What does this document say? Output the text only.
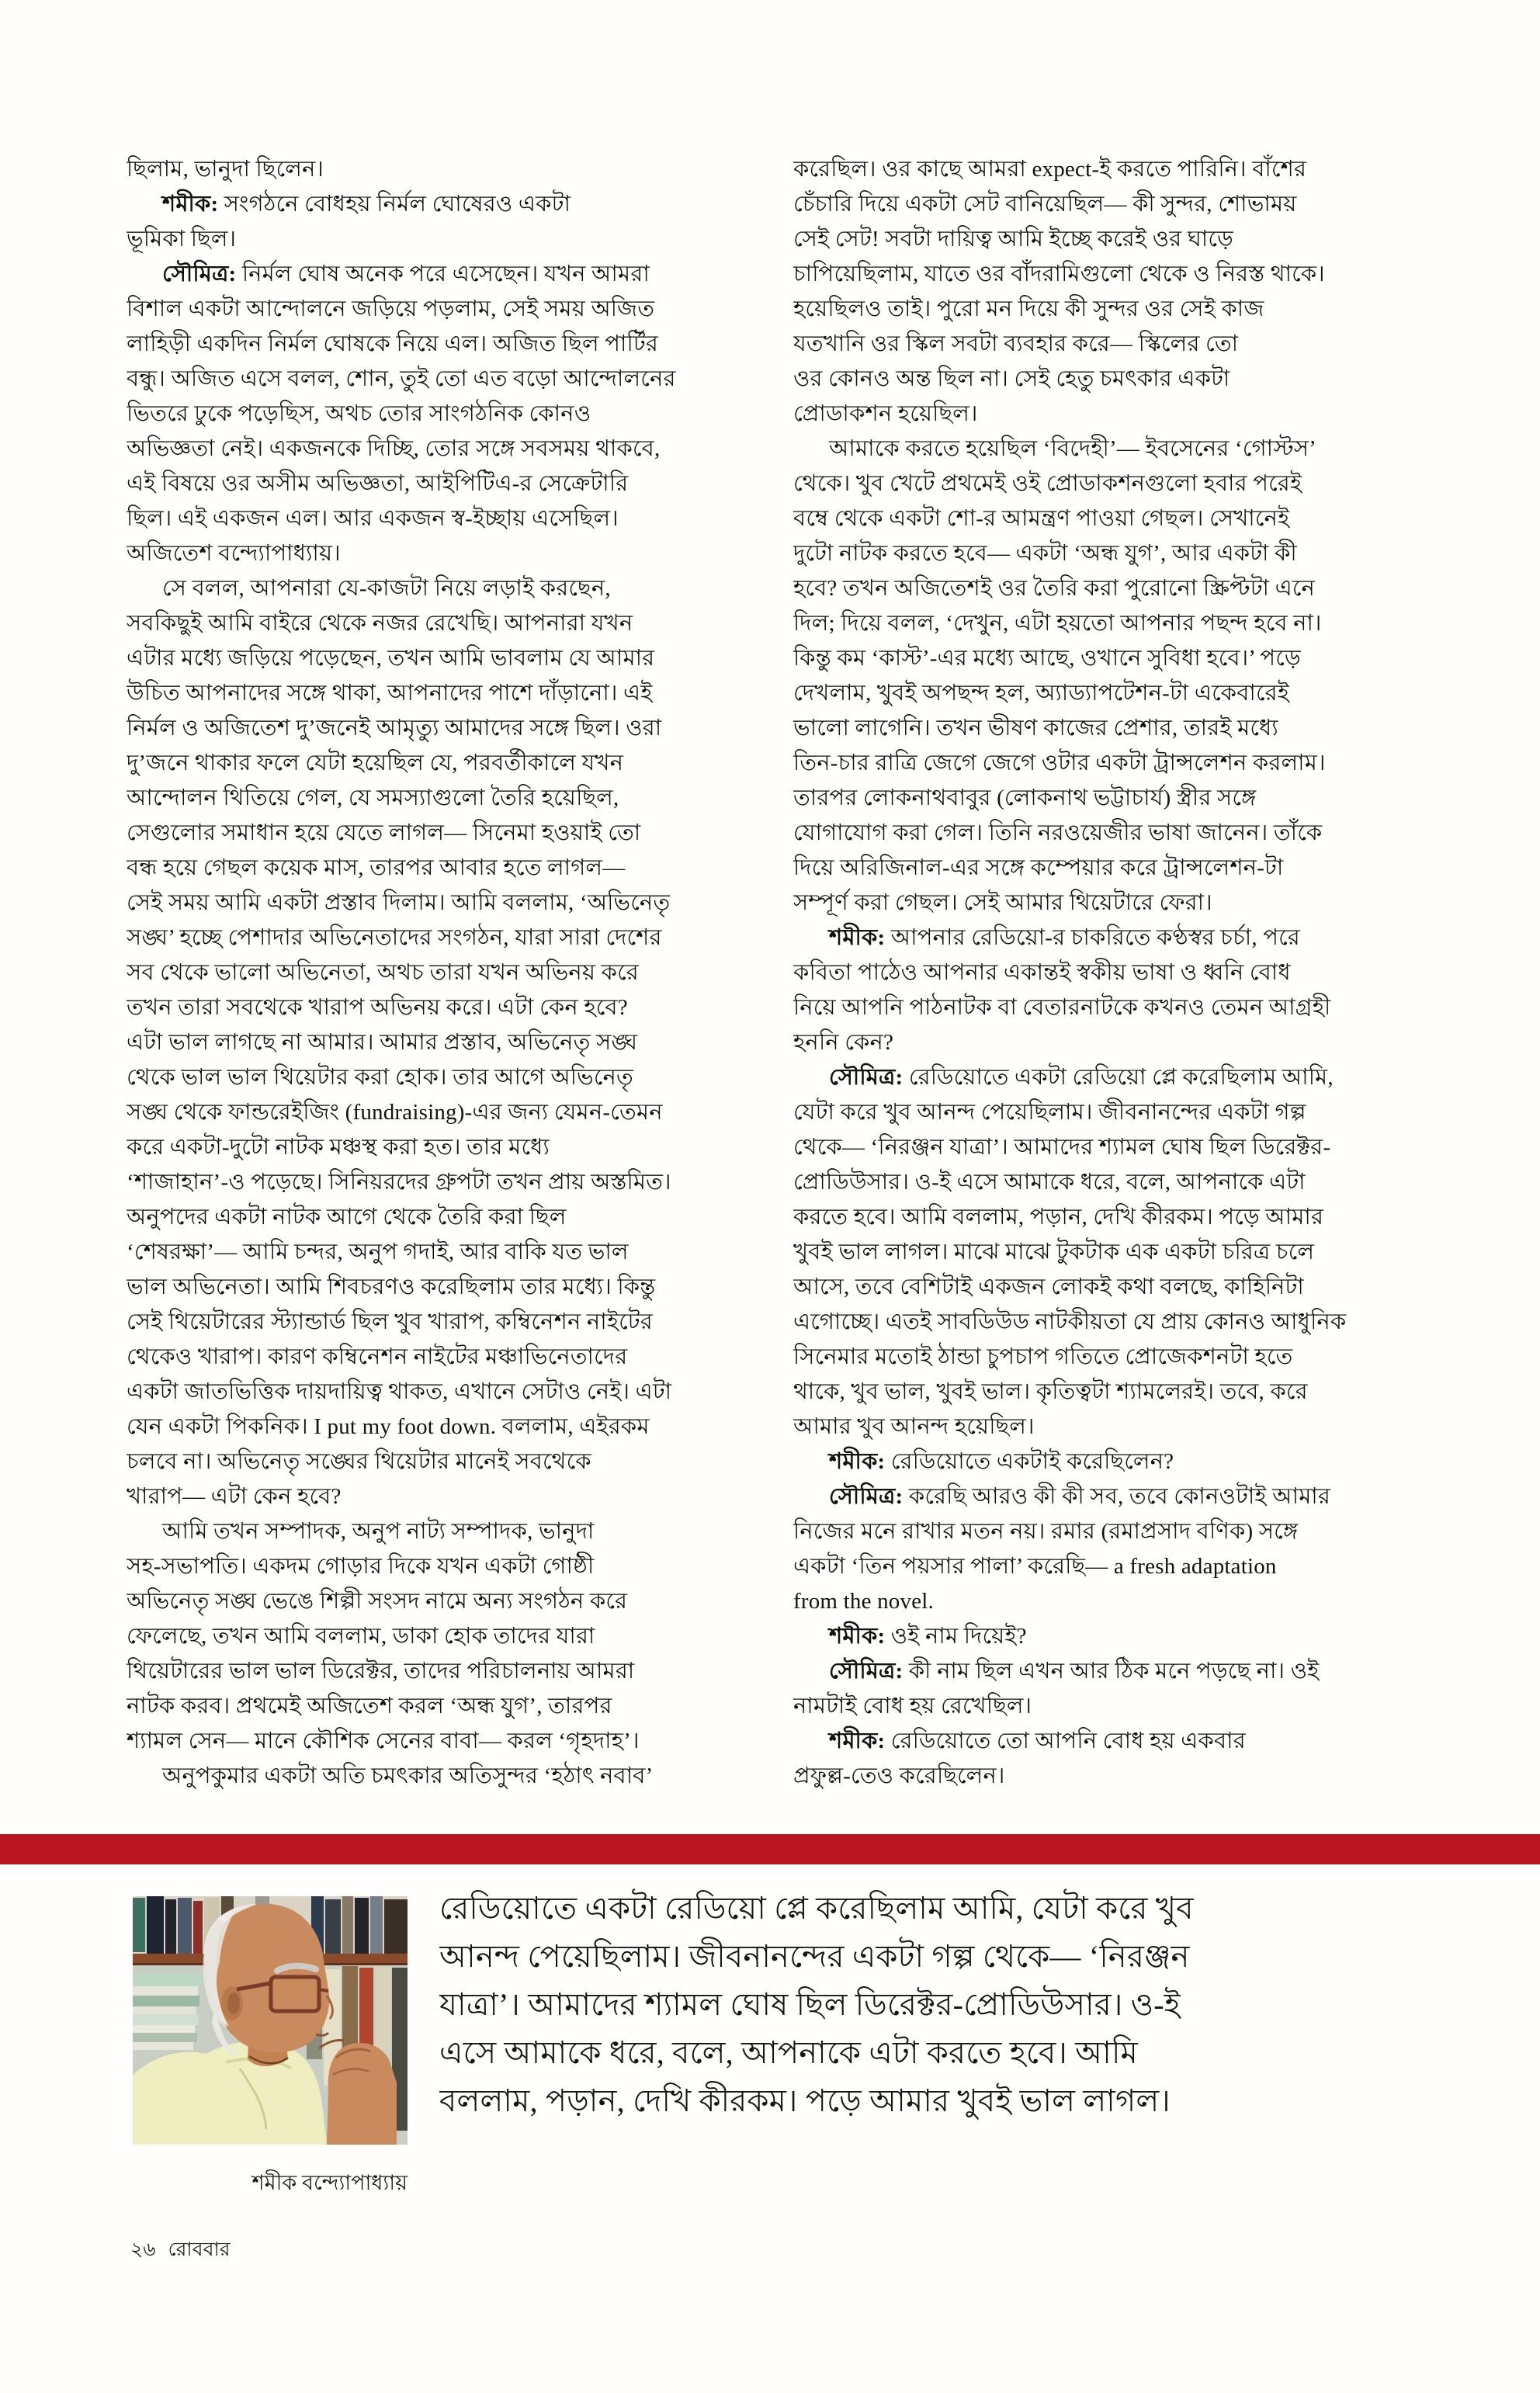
ছিলাম, ভানুদা ছিলেন।
শমীক: সংগঠনে বোধহয় নির্মল ঘোষেরও একটা
ভূমিকা ছিল।
সৌমিত্র: নির্মল ঘোষ অনেক পরে এসেছেন। যখন আমরা
বিশাল একটা আন্দোলনে জড়িয়ে পড়লাম, সেই সময় অজিত
লাহিড়ী একদিন নির্মল ঘোষকে নিয়ে এল। অজিত ছিল পার্টির
বন্ধু। অজিত এসে বলল, শোন, তুই তো এত বড়ো আন্দোলনের
ভিতরে ঢুকে পড়েছিস, অথচ তোর সাংগঠনিক কোনও
অভিজ্ঞতা নেই। একজনকে দিচ্ছি, তোর সঙ্গে সবসময় থাকবে,
এই বিষয়ে ওর অসীম অভিজ্ঞতা, আইপিটিএ-র সেক্রেটারি
ছিল। এই একজন এল। আর একজন স্ব-ইচ্ছায় এসেছিল।
অজিতেশ বন্দ্যোপাধ্যায়।
সে বলল, আপনারা যে-কাজটা নিয়ে লড়াই করছেন,
সবকিছুই আমি বাইরে থেকে নজর রেখেছি। আপনারা যখন
এটার মধ্যে জড়িয়ে পড়েছেন, তখন আমি ভাবলাম যে আমার
উচিত আপনাদের সঙ্গে থাকা, আপনাদের পাশে দাঁড়ানো। এই
নির্মল ও অজিতেশ দু’জনেই আমৃত্যু আমাদের সঙ্গে ছিল। ওরা
দু’জনে থাকার ফলে যেটা হয়েছিল যে, পরবর্তীকালে যখন
আন্দোলন থিতিয়ে গেল, যে সমস্যাগুলো তৈরি হয়েছিল,
সেগুলোর সমাধান হয়ে যেতে লাগল— সিনেমা হওয়াই তো
বন্ধ হয়ে গেছল কয়েক মাস, তারপর আবার হতে লাগল—
সেই সময় আমি একটা প্রস্তাব দিলাম। আমি বললাম, ‘অভিনেতৃ
সঙ্ঘ’ হচ্ছে পেশাদার অভিনেতাদের সংগঠন, যারা সারা দেশের
সব থেকে ভালো অভিনেতা, অথচ তারা যখন অভিনয় করে
তখন তারা সবথেকে খারাপ অভিনয় করে। এটা কেন হবে?
এটা ভাল লাগছে না আমার। আমার প্রস্তাব, অভিনেতৃ সঙ্ঘ
থেকে ভাল ভাল থিয়েটার করা হোক। তার আগে অভিনেতৃ
সঙ্ঘ থেকে ফান্ডরেইজিং (fundraising)-এর জন্য যেমন-তেমন
করে একটা-দুটো নাটক মঞ্চস্থ করা হত। তার মধ্যে
‘শাজাহান’-ও পড়েছে। সিনিয়রদের গ্রুপটা তখন প্রায় অস্তমিত।
অনুপদের একটা নাটক আগে থেকে তৈরি করা ছিল
‘শেষরক্ষা’— আমি চন্দর, অনুপ গদাই, আর বাকি যত ভাল
ভাল অভিনেতা। আমি শিবচরণও করেছিলাম তার মধ্যে। কিন্তু
সেই থিয়েটারের স্ট্যান্ডার্ড ছিল খুব খারাপ, কম্বিনেশন নাইটের
থেকেও খারাপ। কারণ কম্বিনেশন নাইটের মঞ্চাভিনেতাদের
একটা জাতভিত্তিক দায়দায়িত্ব থাকত, এখানে সেটাও নেই। এটা
যেন একটা পিকনিক। I put my foot down. বললাম, এইরকম
চলবে না। অভিনেতৃ সঙ্ঘের থিয়েটার মানেই সবথেকে
খারাপ— এটা কেন হবে?
আমি তখন সম্পাদক, অনুপ নাট্য সম্পাদক, ভানুদা
সহ-সভাপতি। একদম গোড়ার দিকে যখন একটা গোষ্ঠী
অভিনেতৃ সঙ্ঘ ভেঙে শিল্পী সংসদ নামে অন্য সংগঠন করে
ফেলেছে, তখন আমি বললাম, ডাকা হোক তাদের যারা
থিয়েটারের ভাল ভাল ডিরেক্টর, তাদের পরিচালনায় আমরা
নাটক করব। প্রথমেই অজিতেশ করল ‘অন্ধ যুগ’, তারপর
শ্যামল সেন— মানে কৌশিক সেনের বাবা— করল ‘গৃহদাহ’।
অনুপকুমার একটা অতি চমৎকার অতিসুন্দর ‘হঠাৎ নবাব’
করেছিল। ওর কাছে আমরা expect-ই করতে পারিনি। বাঁশের
চেঁচারি দিয়ে একটা সেট বানিয়েছিল— কী সুন্দর, শোভাময়
সেই সেট! সবটা দায়িত্ব আমি ইচ্ছে করেই ওর ঘাড়ে
চাপিয়েছিলাম, যাতে ওর বাঁদরামিগুলো থেকে ও নিরস্ত থাকে।
হয়েছিলও তাই। পুরো মন দিয়ে কী সুন্দর ওর সেই কাজ
যতখানি ওর স্কিল সবটা ব্যবহার করে— স্কিলের তো
ওর কোনও অন্ত ছিল না। সেই হেতু চমৎকার একটা
প্রোডাকশন হয়েছিল।
আমাকে করতে হয়েছিল ‘বিদেহী’— ইবসেনের ‘গোস্টস’
থেকে। খুব খেটে প্রথমেই ওই প্রোডাকশনগুলো হবার পরেই
বম্বে থেকে একটা শো-র আমন্ত্রণ পাওয়া গেছল। সেখানেই
দুটো নাটক করতে হবে— একটা ‘অন্ধ যুগ’, আর একটা কী
হবে? তখন অজিতেশই ওর তৈরি করা পুরোনো স্ক্রিপ্টটা এনে
দিল; দিয়ে বলল, ‘দেখুন, এটা হয়তো আপনার পছন্দ হবে না।
কিন্তু কম ‘কাস্ট’-এর মধ্যে আছে, ওখানে সুবিধা হবে।’ পড়ে
দেখলাম, খুবই অপছন্দ হল, অ্যাড্যাপটেশন-টা একেবারেই
ভালো লাগেনি। তখন ভীষণ কাজের প্রেশার, তারই মধ্যে
তিন-চার রাত্রি জেগে জেগে ওটার একটা ট্রান্সলেশন করলাম।
তারপর লোকনাথবাবুর (লোকনাথ ভট্টাচার্য) স্ত্রীর সঙ্গে
যোগাযোগ করা গেল। তিনি নরওয়েজীর ভাষা জানেন। তাঁকে
দিয়ে অরিজিনাল-এর সঙ্গে কম্পেয়ার করে ট্রান্সলেশন-টা
সম্পূর্ণ করা গেছল। সেই আমার থিয়েটারে ফেরা।
শমীক: আপনার রেডিয়ো-র চাকরিতে কণ্ঠস্বর চর্চা, পরে
কবিতা পাঠেও আপনার একান্তই স্বকীয় ভাষা ও ধ্বনি বোধ
নিয়ে আপনি পাঠনাটক বা বেতারনাটকে কখনও তেমন আগ্রহী
হননি কেন?
সৌমিত্র: রেডিয়োতে একটা রেডিয়ো প্লে করেছিলাম আমি,
যেটা করে খুব আনন্দ পেয়েছিলাম। জীবনানন্দের একটা গল্প
থেকে— ‘নিরঞ্জন যাত্রা’। আমাদের শ্যামল ঘোষ ছিল ডিরেক্টর-
প্রোডিউসার। ও-ই এসে আমাকে ধরে, বলে, আপনাকে এটা
করতে হবে। আমি বললাম, পড়ান, দেখি কীরকম। পড়ে আমার
খুবই ভাল লাগল। মাঝে মাঝে টুকটাক এক একটা চরিত্র চলে
আসে, তবে বেশিটাই একজন লোকই কথা বলছে, কাহিনিটা
এগোচ্ছে। এতই সাবডিউড নাটকীয়তা যে প্রায় কোনও আধুনিক
সিনেমার মতোই ঠান্ডা চুপচাপ গতিতে প্রোজেকশনটা হতে
থাকে, খুব ভাল, খুবই ভাল। কৃতিত্বটা শ্যামলেরই। তবে, করে
আমার খুব আনন্দ হয়েছিল।
শমীক: রেডিয়োতে একটাই করেছিলেন?
সৌমিত্র: করেছি আরও কী কী সব, তবে কোনওটাই আমার
নিজের মনে রাখার মতন নয়। রমার (রমাপ্রসাদ বণিক) সঙ্গে
একটা ‘তিন পয়সার পালা’ করেছি— a fresh adaptation
from the novel.
শমীক: ওই নাম দিয়েই?
সৌমিত্র: কী নাম ছিল এখন আর ঠিক মনে পড়ছে না। ওই
নামটাই বোধ হয় রেখেছিল।
শমীক: রেডিয়োতে তো আপনি বোধ হয় একবার
প্রফুল্ল-তেও করেছিলেন।
রেডিয়োতে একটা রেডিয়ো প্লে করেছিলাম আমি, যেটা করে খুব
আনন্দ পেয়েছিলাম। জীবনানন্দের একটা গল্প থেকে— ‘নিরঞ্জন
যাত্রা’। আমাদের শ্যামল ঘোষ ছিল ডিরেক্টর-প্রোডিউসার। ও-ই
এসে আমাকে ধরে, বলে, আপনাকে এটা করতে হবে। আমি
বললাম, পড়ান, দেখি কীরকম। পড়ে আমার খুবই ভাল লাগল।
শমীক বন্দ্যোপাধ্যায়
২৬ রোববার
